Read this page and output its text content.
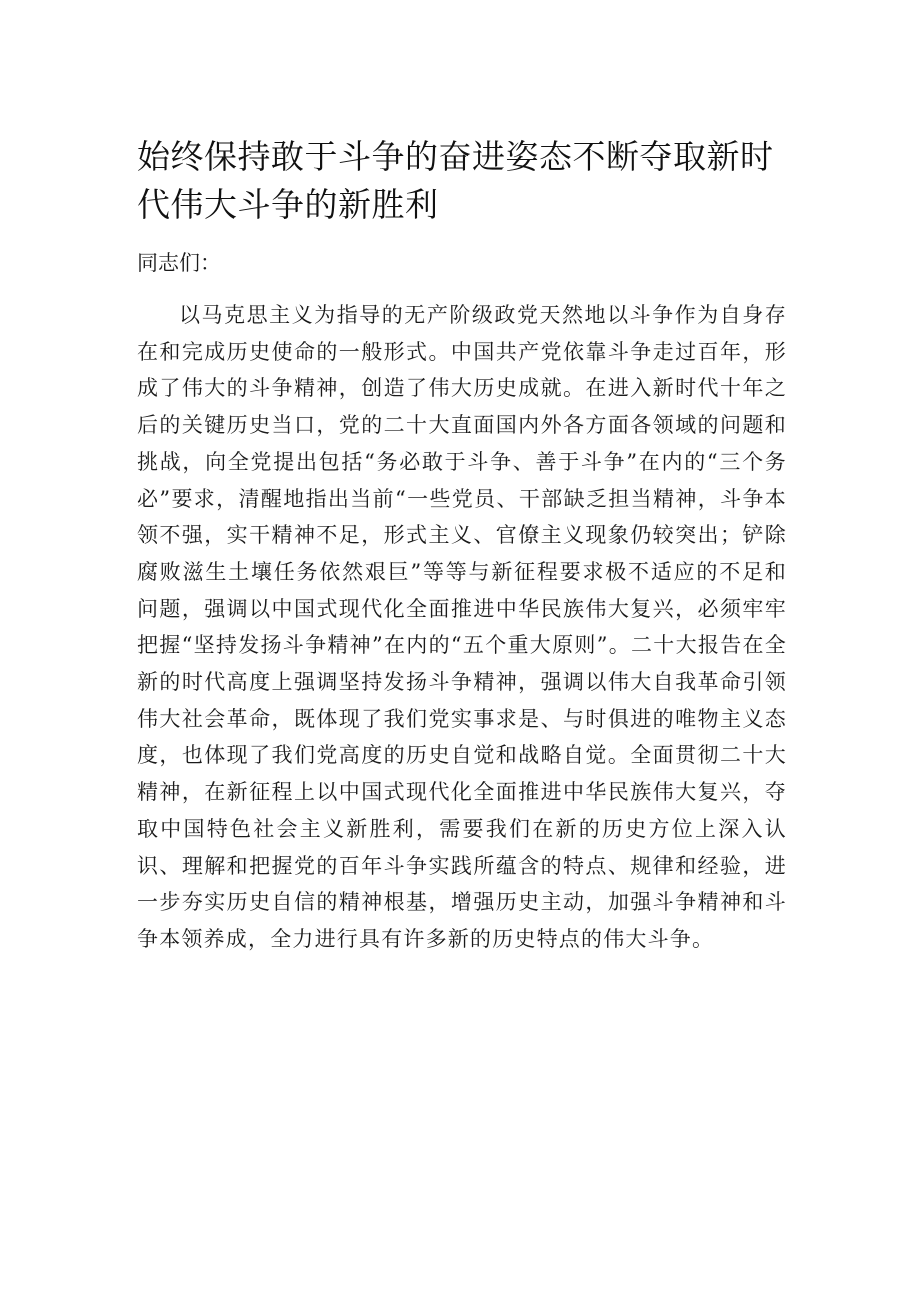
始终保持敢于斗争的奋进姿态不断夺取新时代伟大斗争的新胜利

同志们：

以马克思主义为指导的无产阶级政党天然地以斗争作为自身存在和完成历史使命的一般形式。中国共产党依靠斗争走过百年，形成了伟大的斗争精神，创造了伟大历史成就。在进入新时代十年之后的关键历史当口，党的二十大直面国内外各方面各领域的问题和挑战，向全党提出包括“务必敢于斗争、善于斗争”在内的“三个务必”要求，清醒地指出当前“一些党员、干部缺乏担当精神，斗争本领不强，实干精神不足，形式主义、官僚主义现象仍较突出；铲除腐败滋生土壤任务依然艰巨”等等与新征程要求极不适应的不足和问题，强调以中国式现代化全面推进中华民族伟大复兴，必须牢牢把握“坚持发扬斗争精神”在内的“五个重大原则”。二十大报告在全新的时代高度上强调坚持发扬斗争精神，强调以伟大自我革命引领伟大社会革命，既体现了我们党实事求是、与时俱进的唯物主义态度，也体现了我们党高度的历史自觉和战略自觉。全面贯彻二十大精神，在新征程上以中国式现代化全面推进中华民族伟大复兴，夺取中国特色社会主义新胜利，需要我们在新的历史方位上深入认识、理解和把握党的百年斗争实践所蕴含的特点、规律和经验，进一步夯实历史自信的精神根基，增强历史主动，加强斗争精神和斗争本领养成，全力进行具有许多新的历史特点的伟大斗争。
